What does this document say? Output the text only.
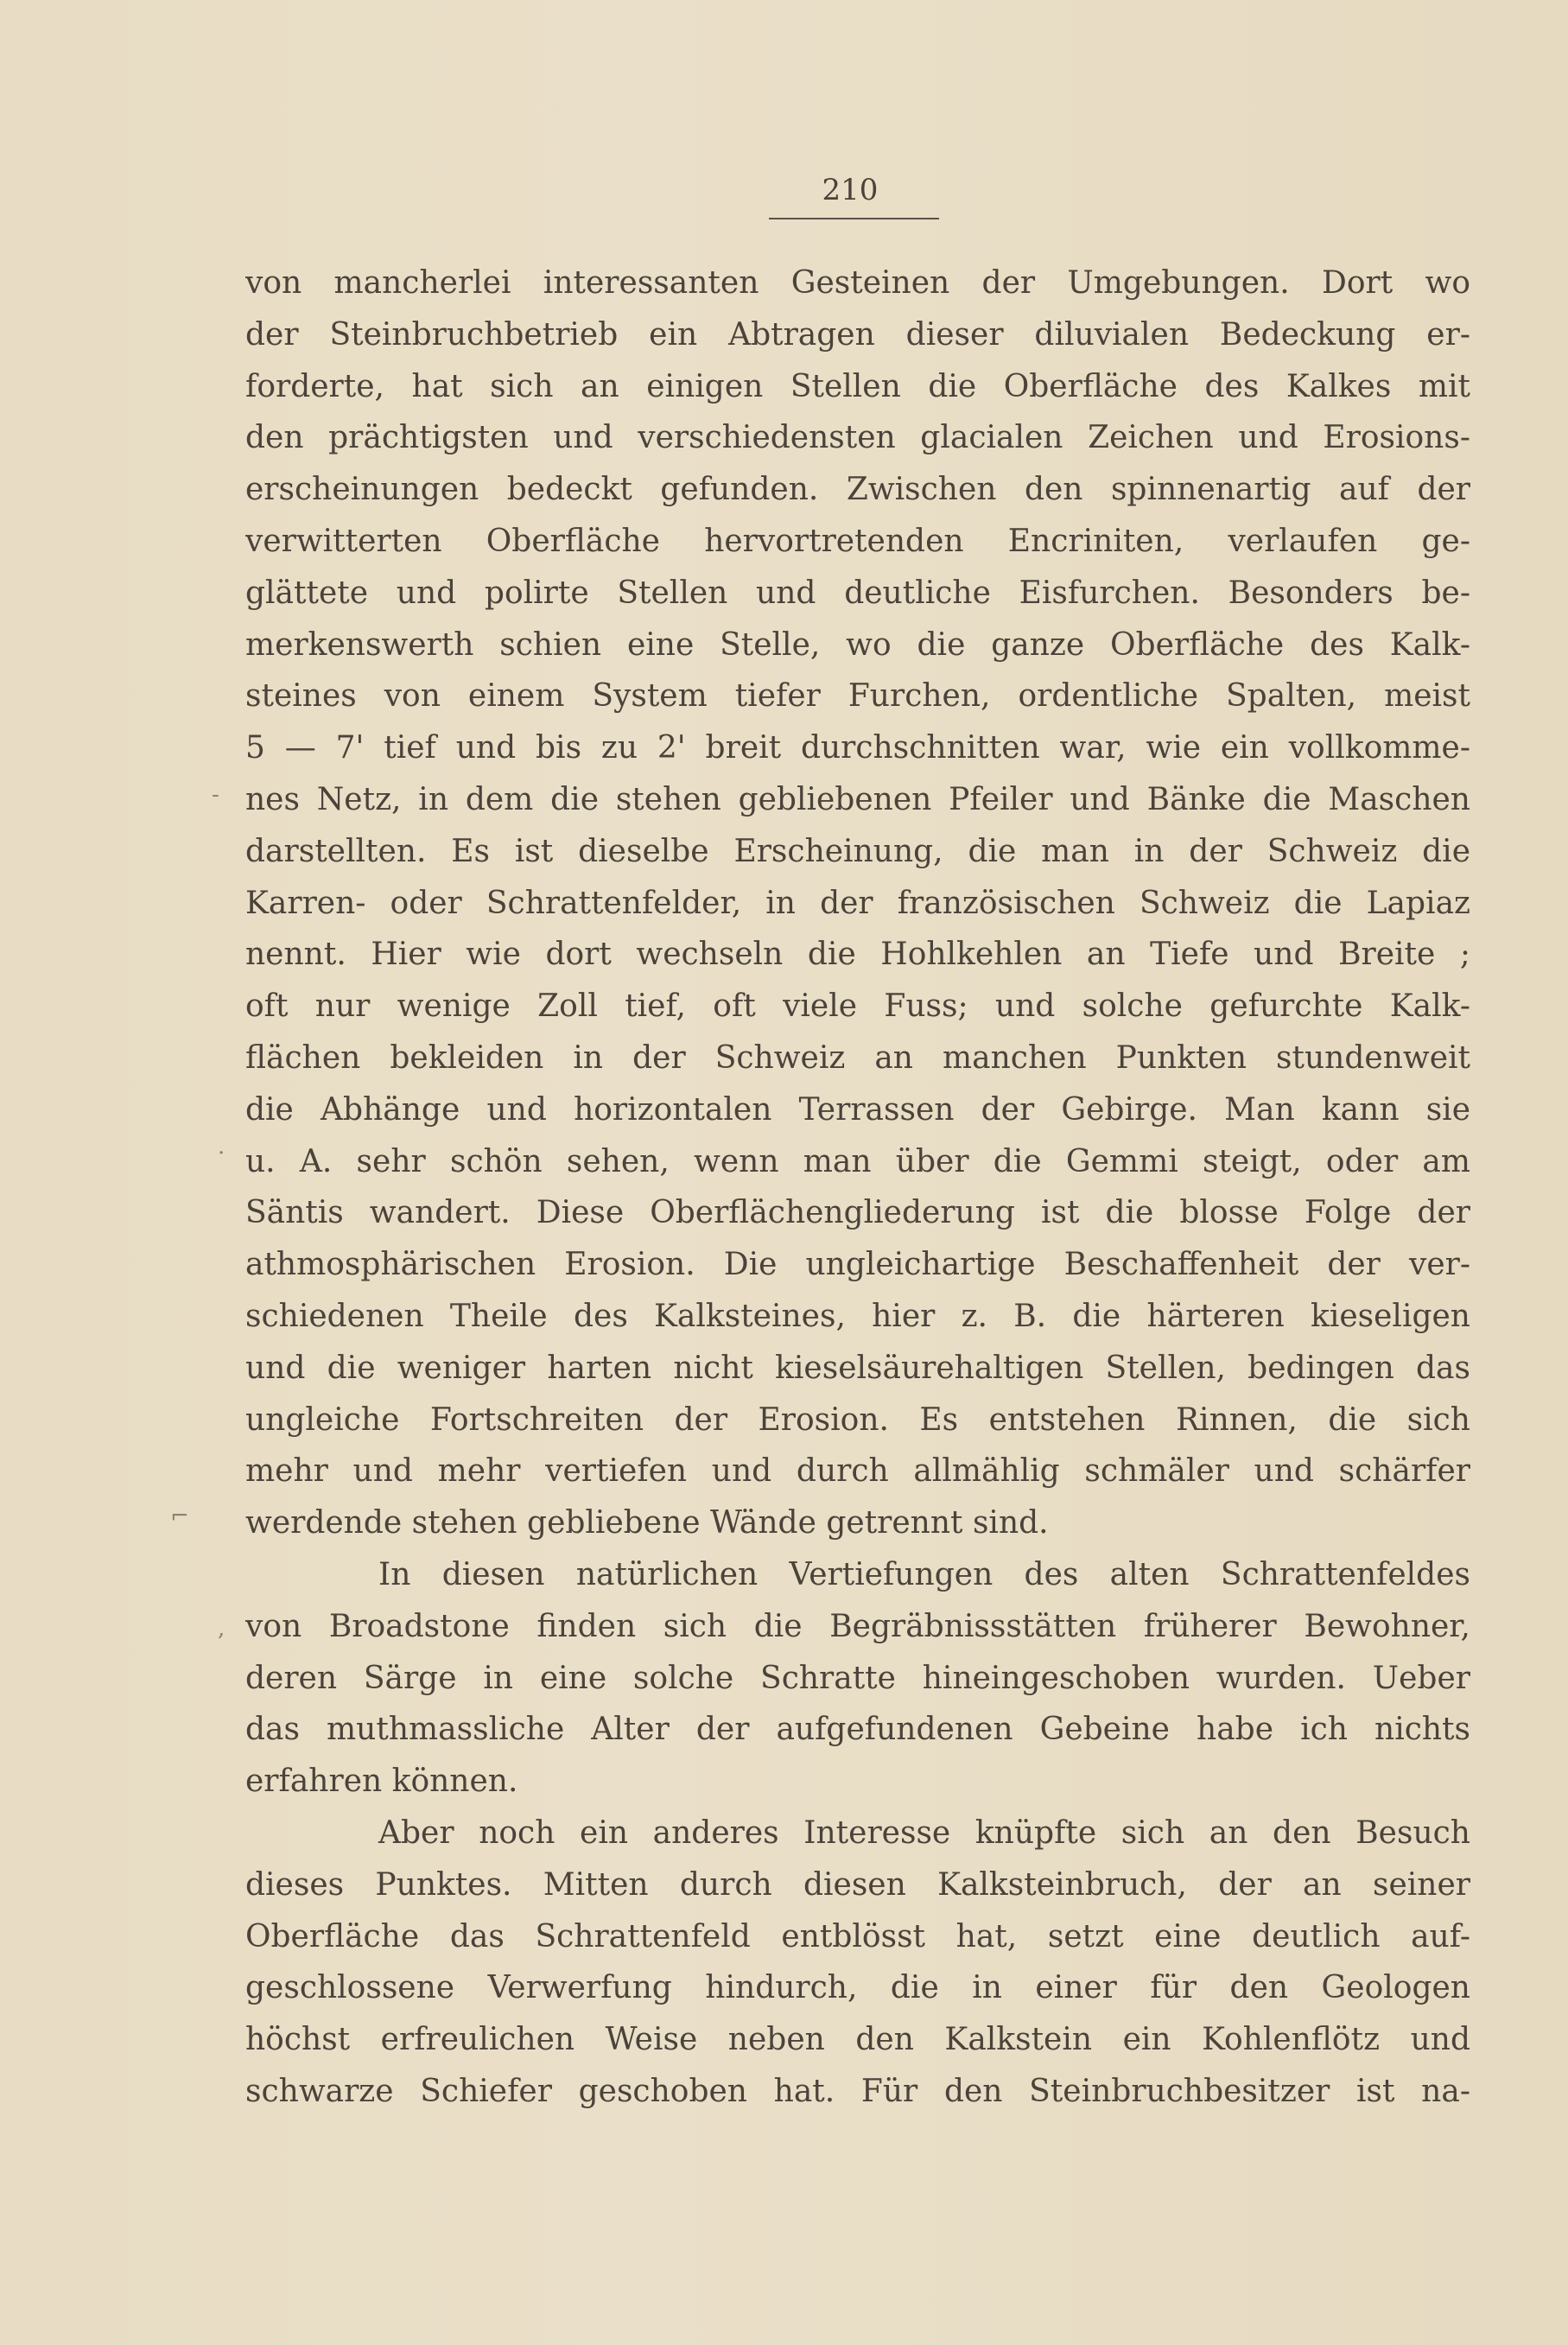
210
-
·
⌐
,
von mancherlei interessanten Gesteinen der Umgebungen. Dort wo
der Steinbruchbetrieb ein Abtragen dieser diluvialen Bedeckung er-
forderte, hat sich an einigen Stellen die Oberfläche des Kalkes mit
den prächtigsten und verschiedensten glacialen Zeichen und Erosions-
erscheinungen bedeckt gefunden. Zwischen den spinnenartig auf der
verwitterten Oberfläche hervortretenden Encriniten, verlaufen ge-
glättete und polirte Stellen und deutliche Eisfurchen. Besonders be-
merkenswerth schien eine Stelle, wo die ganze Oberfläche des Kalk-
steines von einem System tiefer Furchen, ordentliche Spalten, meist
5 — 7' tief und bis zu 2' breit durchschnitten war, wie ein vollkomme-
nes Netz, in dem die stehen gebliebenen Pfeiler und Bänke die Maschen
darstellten. Es ist dieselbe Erscheinung, die man in der Schweiz die
Karren- oder Schrattenfelder, in der französischen Schweiz die Lapiaz
nennt. Hier wie dort wechseln die Hohlkehlen an Tiefe und Breite ;
oft nur wenige Zoll tief, oft viele Fuss; und solche gefurchte Kalk-
flächen bekleiden in der Schweiz an manchen Punkten stundenweit
die Abhänge und horizontalen Terrassen der Gebirge. Man kann sie
u. A. sehr schön sehen, wenn man über die Gemmi steigt, oder am
Säntis wandert. Diese Oberflächengliederung ist die blosse Folge der
athmosphärischen Erosion. Die ungleichartige Beschaffenheit der ver-
schiedenen Theile des Kalksteines, hier z. B. die härteren kieseligen
und die weniger harten nicht kieselsäurehaltigen Stellen, bedingen das
ungleiche Fortschreiten der Erosion. Es entstehen Rinnen, die sich
mehr und mehr vertiefen und durch allmählig schmäler und schärfer
werdende stehen gebliebene Wände getrennt sind.
In diesen natürlichen Vertiefungen des alten Schrattenfeldes
von Broadstone finden sich die Begräbnissstätten früherer Bewohner,
deren Särge in eine solche Schratte hineingeschoben wurden. Ueber
das muthmassliche Alter der aufgefundenen Gebeine habe ich nichts
erfahren können.
Aber noch ein anderes Interesse knüpfte sich an den Besuch
dieses Punktes. Mitten durch diesen Kalksteinbruch, der an seiner
Oberfläche das Schrattenfeld entblösst hat, setzt eine deutlich auf-
geschlossene Verwerfung hindurch, die in einer für den Geologen
höchst erfreulichen Weise neben den Kalkstein ein Kohlenflötz und
schwarze Schiefer geschoben hat. Für den Steinbruchbesitzer ist na-
